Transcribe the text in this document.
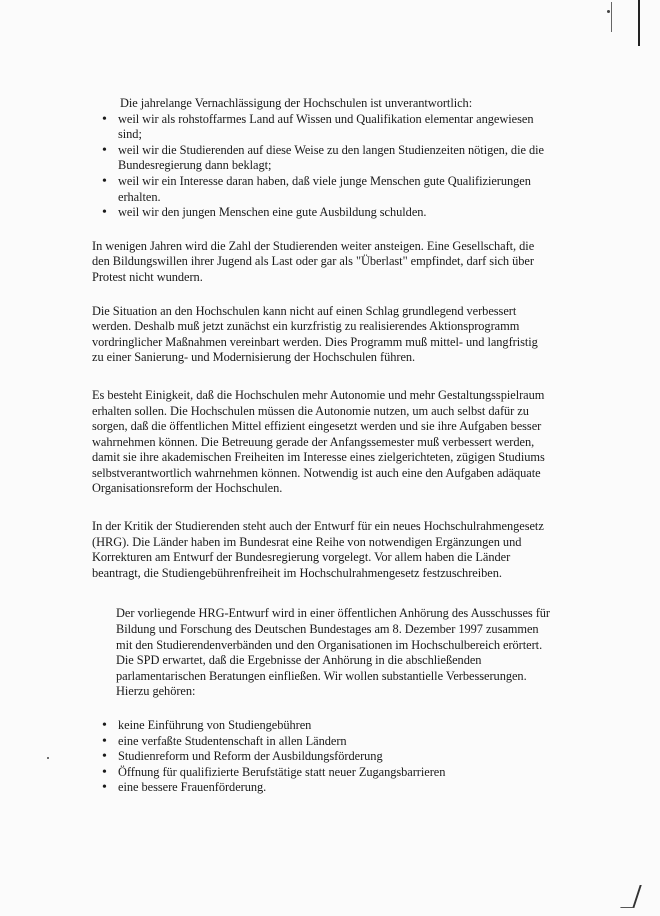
Die jahrelange Vernachlässigung der Hochschulen ist unverantwortlich:

• weil wir als rohstoffarmes Land auf Wissen und Qualifikation elementar angewiesen sind;
• weil wir die Studierenden auf diese Weise zu den langen Studienzeiten nötigen, die die Bundesregierung dann beklagt;
• weil wir ein Interesse daran haben, daß viele junge Menschen gute Qualifizierungen erhalten.
• weil wir den jungen Menschen eine gute Ausbildung schulden.

In wenigen Jahren wird die Zahl der Studierenden weiter ansteigen. Eine Gesellschaft, die den Bildungswillen ihrer Jugend als Last oder gar als "Überlast" empfindet, darf sich über Protest nicht wundern.

Die Situation an den Hochschulen kann nicht auf einen Schlag grundlegend verbessert werden. Deshalb muß jetzt zunächst ein kurzfristig zu realisierendes Aktionsprogramm vordringlicher Maßnahmen vereinbart werden. Dies Programm muß mittel- und langfristig zu einer Sanierung- und Modernisierung der Hochschulen führen.

Es besteht Einigkeit, daß die Hochschulen mehr Autonomie und mehr Gestaltungsspielraum erhalten sollen. Die Hochschulen müssen die Autonomie nutzen, um auch selbst dafür zu sorgen, daß die öffentlichen Mittel effizient eingesetzt werden und sie ihre Aufgaben besser wahrnehmen können. Die Betreuung gerade der Anfangssemester muß verbessert werden, damit sie ihre akademischen Freiheiten im Interesse eines zielgerichteten, zügigen Studiums selbstverantwortlich wahrnehmen können. Notwendig ist auch eine den Aufgaben adäquate Organisationsreform der Hochschulen.

In der Kritik der Studierenden steht auch der Entwurf für ein neues Hochschulrahmengesetz (HRG). Die Länder haben im Bundesrat eine Reihe von notwendigen Ergänzungen und Korrekturen am Entwurf der Bundesregierung vorgelegt. Vor allem haben die Länder beantragt, die Studiengebührenfreiheit im Hochschulrahmengesetz festzuschreiben.

Der vorliegende HRG-Entwurf wird in einer öffentlichen Anhörung des Ausschusses für Bildung und Forschung des Deutschen Bundestages am 8. Dezember 1997 zusammen mit den Studierendenverbänden und den Organisationen im Hochschulbereich erörtert. Die SPD erwartet, daß die Ergebnisse der Anhörung in die abschließenden parlamentarischen Beratungen einfließen. Wir wollen substantielle Verbesserungen. Hierzu gehören:

• keine Einführung von Studiengebühren
• eine verfaßte Studentenschaft in allen Ländern
• Studienreform und Reform der Ausbildungsförderung
• Öffnung für qualifizierte Berufstätige statt neuer Zugangsbarrieren
• eine bessere Frauenförderung.
